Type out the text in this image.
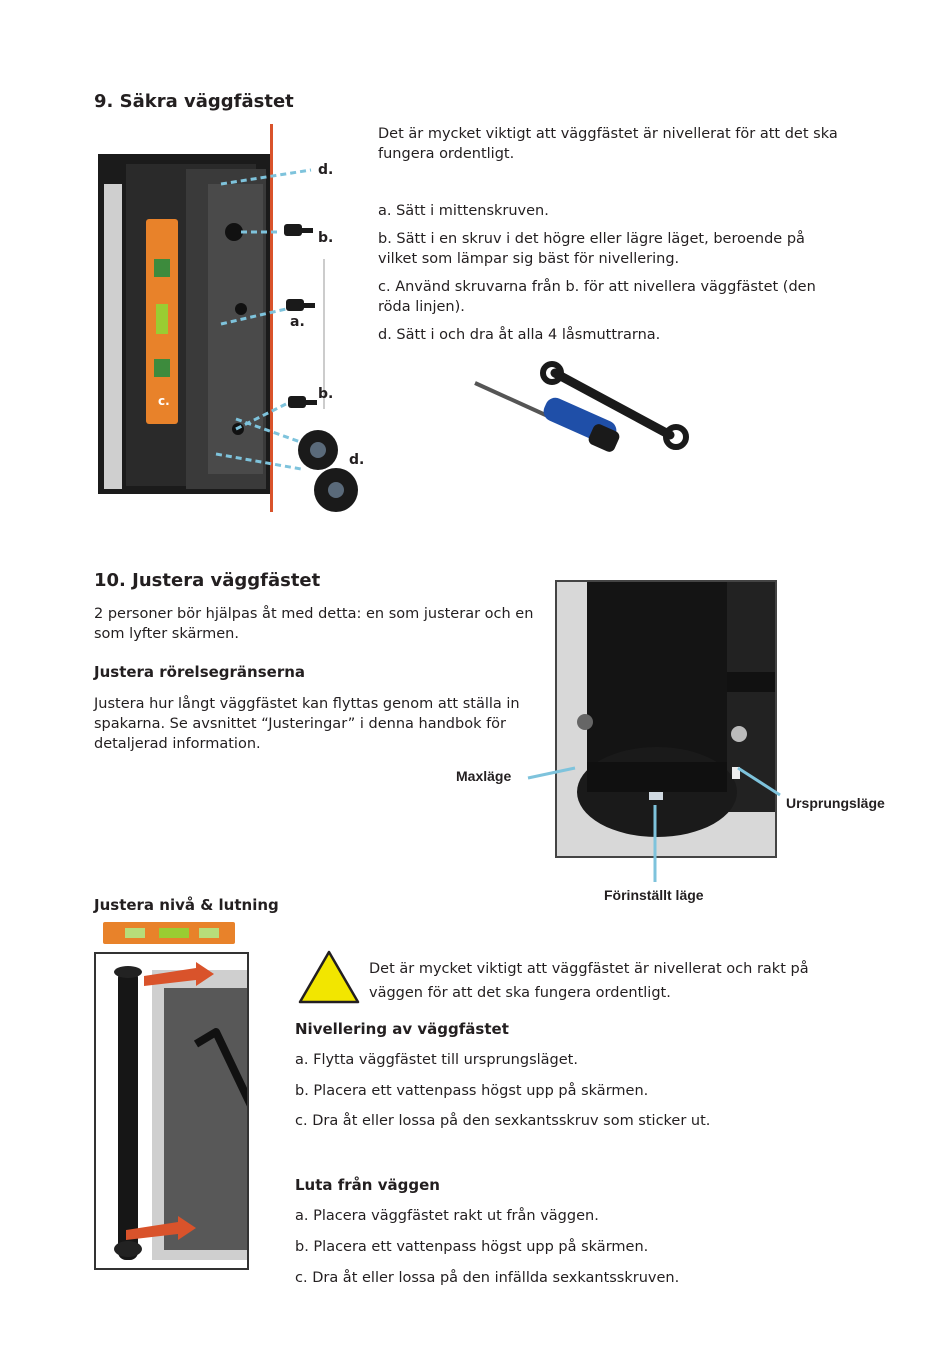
9. Säkra väggfästet
d.
b.
a.
b.
d.
c.
Det är mycket viktigt att väggfästet är nivellerat för att det ska fungera ordentligt.
a. Sätt i mittenskruven.
b. Sätt i en skruv i det högre eller lägre läget, beroende på vilket som lämpar sig bäst för nivellering.
c. Använd skruvarna från b. för att nivellera väggfästet (den röda linjen).
d. Sätt i och dra åt alla 4 låsmuttrarna.
10. Justera väggfästet
2 personer bör hjälpas åt med detta: en som justerar och en som lyfter skärmen.
Justera rörelsegränserna
Justera hur långt väggfästet kan flyttas genom att ställa in spakarna. Se avsnittet “Justeringar” i denna handbok för detaljerad information.
Maxläge
Ursprungsläge
Förinställt läge
Justera nivå & lutning
Det är mycket viktigt att väggfästet är nivellerat och rakt på väggen för att det ska fungera ordentligt.
Nivellering av väggfästet
a. Flytta väggfästet till ursprungsläget.
b. Placera ett vattenpass högst upp på skärmen.
c. Dra åt eller lossa på den sexkantsskruv som sticker ut.
Luta från väggen
a. Placera väggfästet rakt ut från väggen.
b. Placera ett vattenpass högst upp på skärmen.
c. Dra åt eller lossa på den infällda sexkantsskruven.
